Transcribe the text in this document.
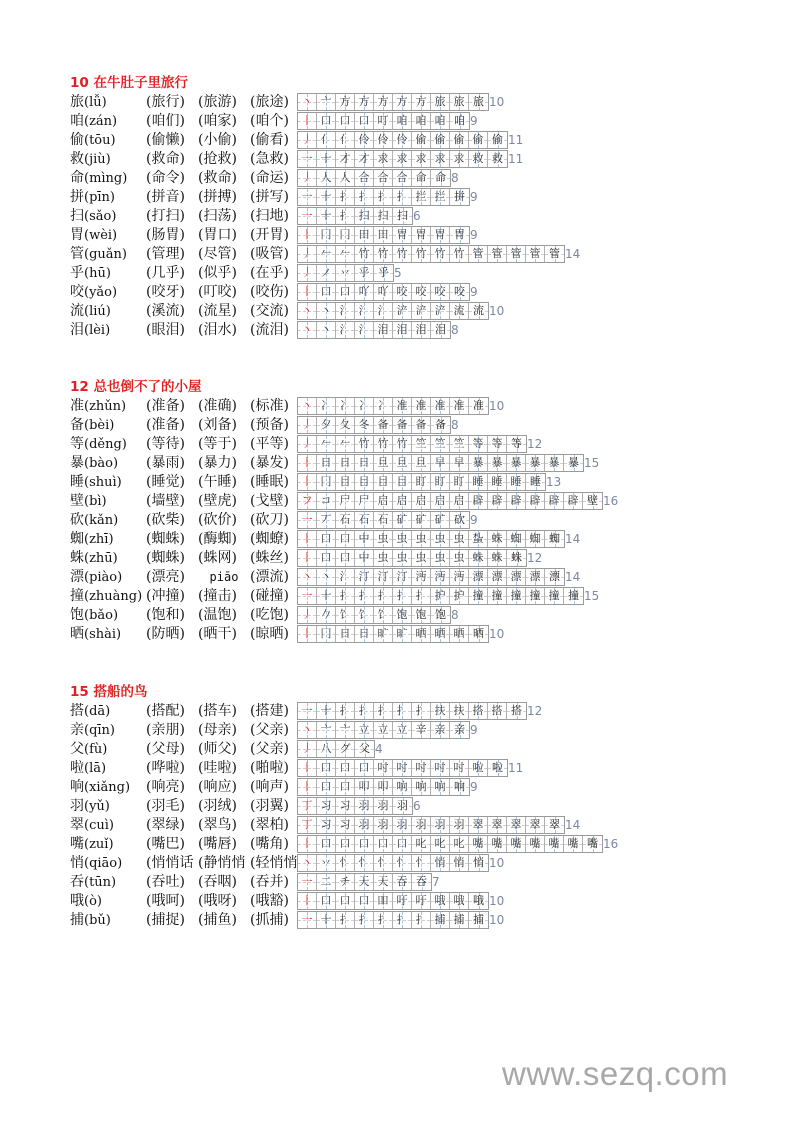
10 在牛肚子里旅行
旅(lǚ)	(旅行) (旅游) (旅途)	丶 亠 方 方 方 方 方 旅 旅 旅 10
咱(zán)	(咱们) (咱家) (咱个)	丨 口 口 口 叮 咱 咱 咱 咱 9
偷(tōu)	(偷懒) (小偷) (偷看)	丿 亻 亻 伶 伶 伶 偷 偷 偷 偷 偷 11
救(jiù)	(救命) (抢救) (急救)	一 十 才 才 求 求 求 求 求 救 救 11
命(mìng)	(命令) (救命) (命运)	丿 人 人 合 合 合 命 命 8
拼(pīn)	(拼音) (拼搏) (拼写)	一 十 扌 扌 扌 扌 拦 拦 拼 9
扫(sǎo)	(打扫) (扫荡) (扫地)	一 十 扌 扫 扫 扫 6
胃(wèi)	(肠胃) (胃口) (开胃)	丨 冂 冂 田 田 胃 胃 胃 胃 9
管(guǎn)	(管理) (尽管) (吸管)	丿 𠂉 𠂉 竹 竹 竹 竹 竹 竹 管 管 管 管 管 14
乎(hū)	(几乎) (似乎) (在乎)	丿 ノ 丷 乎 乎 5
咬(yǎo)	(咬牙) (叮咬) (咬伤)	丨 口 口 吖 吖 咬 咬 咬 咬 9
流(liú)	(溪流) (流星) (交流)	丶 丶 氵 氵 氵 浐 浐 浐 流 流 10
泪(lèi)	(眼泪) (泪水) (流泪)	丶 丶 氵 氵 泪 泪 泪 泪 8
12 总也倒不了的小屋
准(zhǔn)	(准备) (准确) (标准)	丶 冫 冫 冫 冫 准 准 准 准 准 10
备(bèi)	(准备) (刘备) (预备)	丿 夕 夂 冬 备 备 备 备 8
等(děng)	(等待) (等于) (平等)	丿 𠂉 𠂉 竹 竹 竹 竺 竺 竺 等 等 等 12
暴(bào)	(暴雨) (暴力) (暴发)	丨 日 日 日 旦 旦 旦 早 早 暴 暴 暴 暴 暴 暴 15
睡(shuì)	(睡觉) (午睡) (睡眠)	丨 冂 目 目 目 目 盯 盯 盯 睡 睡 睡 睡 13
壁(bì)	(墙壁) (壁虎) (戈壁)	フ コ 尸 尸 启 启 启 启 启 辟 辟 辟 辟 辟 辟 壁 16
砍(kǎn)	(砍柴) (砍价) (砍刀)	一 丆 石 石 石 矿 矿 矿 砍 9
蜘(zhī)	(蜘蛛) (酶蜘) (蜘蟟)	丨 口 口 中 虫 虫 虫 虫 虫 蚻 蛛 蜘 蜘 蜘 14
蛛(zhū)	(蜘蛛) (蛛网) (蛛丝)	丨 口 口 中 虫 虫 虫 虫 虫 蛛 蛛 蛛 12
漂(piào)	(漂亮) piāo (漂流)	丶 丶 氵 汀 汀 汀 沔 沔 沔 漂 漂 漂 漂 漂 14
撞(zhuàng) (冲撞) (撞击) (碰撞)	一 十 扌 扌 扌 扌 扌 护 护 撞 撞 撞 撞 撞 撞 15
饱(bǎo)	(饱和) (温饱) (吃饱)	丿 𠂊 饣 饣 饣 饱 饱 饱 8
晒(shài)	(防晒) (晒干) (晾晒)	丨 冂 日 日 旷 旷 晒 晒 晒 晒 10
15 搭船的鸟
搭(dā)	(搭配) (搭车) (搭建)	一 十 扌 扌 扌 扌 扌 扶 扶 搭 搭 搭 12
亲(qīn)	(亲朋) (母亲) (父亲)	丶 亠 亠 立 立 立 辛 亲 亲 9
父(fù)	(父母) (师父) (父亲)	丿 八 グ 父 4
啦(lā)	(哗啦) (哇啦) (啪啦)	丨 口 口 口 吋 吋 吋 吋 吋 啦 啦 11
响(xiǎng)	(响亮) (响应) (响声)	丨 口 口 叩 叩 响 响 响 响 9
羽(yǔ)	(羽毛) (羽绒) (羽翼)	丁 习 习 羽 羽 羽 6
翠(cuì)	(翠绿) (翠鸟) (翠柏)	丁 习 习 羽 羽 羽 羽 羽 羽 翠 翠 翠 翠 翠 14
嘴(zuǐ)	(嘴巴) (嘴唇) (嘴角)	丨 口 口 口 口 口 叱 叱 叱 嘴 嘴 嘴 嘴 嘴 嘴 嘴 16
悄(qiāo)	(悄悄话 (静悄悄 (轻悄悄 丶 丷 忄 忄 忄 忄 忄 悄 悄 悄 10
吞(tūn)	(吞吐) (吞咽) (吞并)	一 二 チ 天 天 吞 吞 7
哦(ò)	(哦呵) (哦呀) (哦豁)	丨 口 口 口 吅 吁 吁 哦 哦 哦 10
捕(bǔ)	(捕捉) (捕鱼) (抓捕)	一 十 扌 扌 扌 扌 扌 捕 捕 捕 10
www.sezq.com
